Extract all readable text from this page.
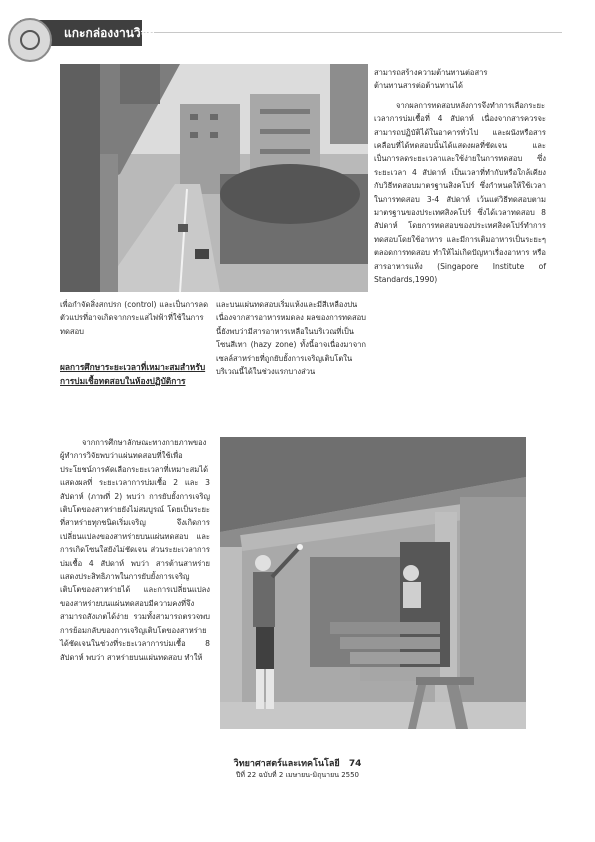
แกะกล่องงานวิจัย

สามารถสร้างความต้านทานต่อสาร

ต้านทานสารต่อต้านทานได้

จากผลการทดสอบหลังการจึงทำการเลือกระยะเวลาการบ่มเชื้อที่ 4 สัปดาห์ เนื่องจากสารควรจะสามารถปฏิบัติได้ในอาคารทั่วไป และผนังหรือสารเคลือบที่ได้ทดสอบนั้นได้แสดงผลที่ชัดเจน และเป็นการลดระยะเวลาและใช้ง่ายในการทดสอบ ซึ่งระยะเวลา 4 สัปดาห์ เป็นเวลาที่ทำกับหรือใกล้เคียงกับวิธีทดสอบมาตรฐานสิงคโปร์ ซึ่งกำหนดให้ใช้เวลาในการทดสอบ 3-4 สัปดาห์ เว้นแต่วิธีทดสอบตามมาตรฐานของประเทศสิงคโปร์ ซึ่งได้เวลาทดสอบ 8 สัปดาห์ โดยการทดสอบของประเทศสิงคโปร์ทำการทดสอบโดยใช้อาหาร และมีการเติมอาหารเป็นระยะๆ ตลอดการทดสอบ ทำให้ไม่เกิดปัญหาเรื่องอาหาร หรือสารอาหารแห้ง (Singapore Institute of Standards,1990)

เพื่อกำจัดสิ่งสกปรก (control) และเป็นการลดตัวแปรที่อาจเกิดจากกระแสไฟฟ้าที่ใช้ในการทดสอบ

ผลการศึกษาระยะเวลาที่เหมาะสมสำหรับการบ่มเชื้อทดสอบในห้องปฏิบัติการ

และบนแผ่นทดสอบเริ่มแห้งและมีสีเหลืองปน เนื่องจากสารอาหารหมดลง ผลของการทดสอบนี้ยังพบว่ามีสารอาหารเหลือในบริเวณที่เป็นโซนสีเทา (hazy zone) ทั้งนี้อาจเนื่องมาจากเซลล์สาหร่ายที่ถูกยับยั้งการเจริญเติบโตในบริเวณนี้ได้ในช่วงแรกบางส่วน

จากการศึกษาลักษณะทางกายภาพของผู้ทำการวิจัยพบว่าแผ่นทดสอบที่ใช้เพื่อประโยชน์การคัดเลือกระยะเวลาที่เหมาะสมได้แสดงผลที่ ระยะเวลาการบ่มเชื้อ 2 และ 3 สัปดาห์ (ภาพที่ 2) พบว่า การยับยั้งการเจริญเติบโตของสาหร่ายยังไม่สมบูรณ์ โดยเป็นระยะที่สาหร่ายทุกชนิดเริ่มเจริญ จึงเกิดการเปลี่ยนแปลงของสาหร่ายบนแผ่นทดสอบ และการเกิดโซนใสยังไม่ชัดเจน ส่วนระยะเวลาการบ่มเชื้อ 4 สัปดาห์ พบว่า สารต้านสาหร่ายแสดงประสิทธิภาพในการยับยั้งการเจริญเติบโตของสาหร่ายได้ และการเปลี่ยนแปลงของสาหร่ายบนแผ่นทดสอบมีความคงที่จึงสามารถสังเกตได้ง่าย รวมทั้งสามารถตรวจพบการย้อมกลับของการเจริญเติบโตของสาหร่ายได้ชัดเจนในช่วงที่ระยะเวลาการบ่มเชื้อ 8 สัปดาห์ พบว่า สาหร่ายบนแผ่นทดสอบ ทำให้

วิทยาศาสตร์และเทคโนโลยี 74
ปีที่ 22 ฉบับที่ 2 เมษายน-มิถุนายน 2550
